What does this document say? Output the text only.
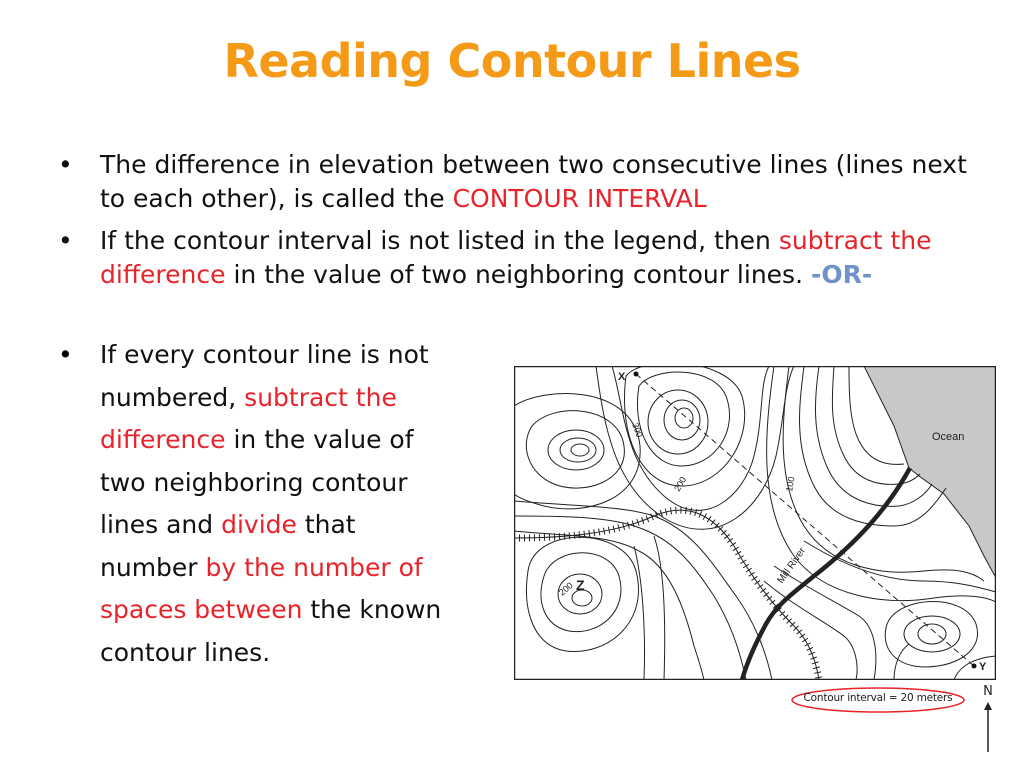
Reading Contour Lines
• The difference in elevation between two consecutive lines (lines next to each other), is called the CONTOUR INTERVAL
• If the contour interval is not listed in the legend, then subtract the difference in the value of two neighboring contour lines. -OR-
• If every contour line is not
numbered, subtract the
difference in the value of
two neighboring contour
lines and divide that
number by the number of
spaces between the known
contour lines.
Ocean
X
Y
Z
300
200	100
200
Mill River
Contour interval = 20 meters	N
